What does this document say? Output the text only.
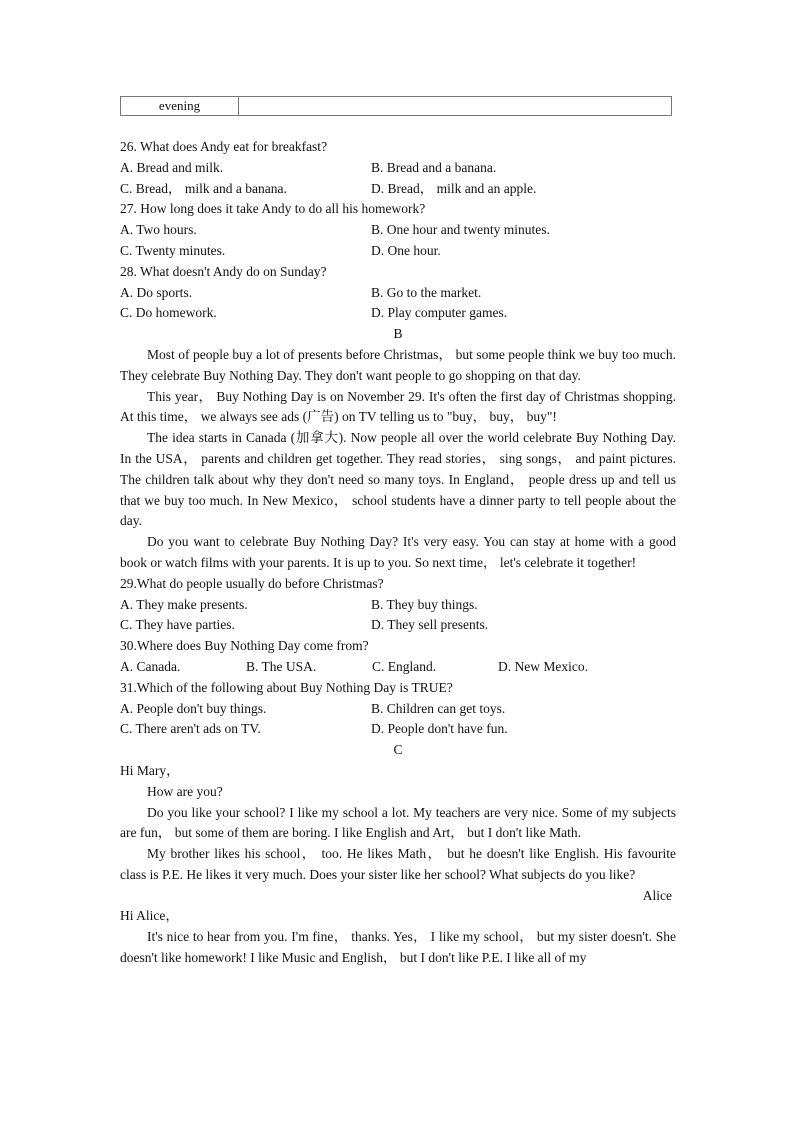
evening	
26. What does Andy eat for breakfast?
A. Bread and milk.	B. Bread and a banana.
C. Bread， milk and a banana.	D. Bread， milk and an apple.
27. How long does it take Andy to do all his homework?
A. Two hours.	B. One hour and twenty minutes.
C. Twenty minutes.	D. One hour.
28. What doesn't Andy do on Sunday?
A. Do sports.	B. Go to the market.
C. Do homework.	D. Play computer games.
B
Most of people buy a lot of presents before Christmas， but some people think we buy too much. They celebrate Buy Nothing Day. They don't want people to go shopping on that day.
This year， Buy Nothing Day is on November 29. It's often the first day of Christmas shopping. At this time， we always see ads (广告) on TV telling us to "buy， buy， buy"!
The idea starts in Canada (加拿大). Now people all over the world celebrate Buy Nothing Day. In the USA， parents and children get together. They read stories， sing songs， and paint pictures. The children talk about why they don't need so many toys. In England， people dress up and tell us that we buy too much. In New Mexico， school students have a dinner party to tell people about the day.
Do you want to celebrate Buy Nothing Day? It's very easy. You can stay at home with a good book or watch films with your parents. It is up to you. So next time， let's celebrate it together!
29.What do people usually do before Christmas?
A. They make presents.	B. They buy things.
C. They have parties.	D. They sell presents.
30.Where does Buy Nothing Day come from?
A. Canada.	B. The USA.	C. England.	D. New Mexico.
31.Which of the following about Buy Nothing Day is TRUE?
A. People don't buy things.	B. Children can get toys.
C. There aren't ads on TV.	D. People don't have fun.
C
Hi Mary，
How are you?
Do you like your school? I like my school a lot. My teachers are very nice. Some of my subjects are fun， but some of them are boring. I like English and Art， but I don't like Math.
My brother likes his school， too. He likes Math， but he doesn't like English. His favourite class is P.E. He likes it very much. Does your sister like her school? What subjects do you like?
Alice
Hi Alice，
It's nice to hear from you. I'm fine， thanks. Yes， I like my school， but my sister doesn't. She doesn't like homework! I like Music and English， but I don't like P.E. I like all of my
